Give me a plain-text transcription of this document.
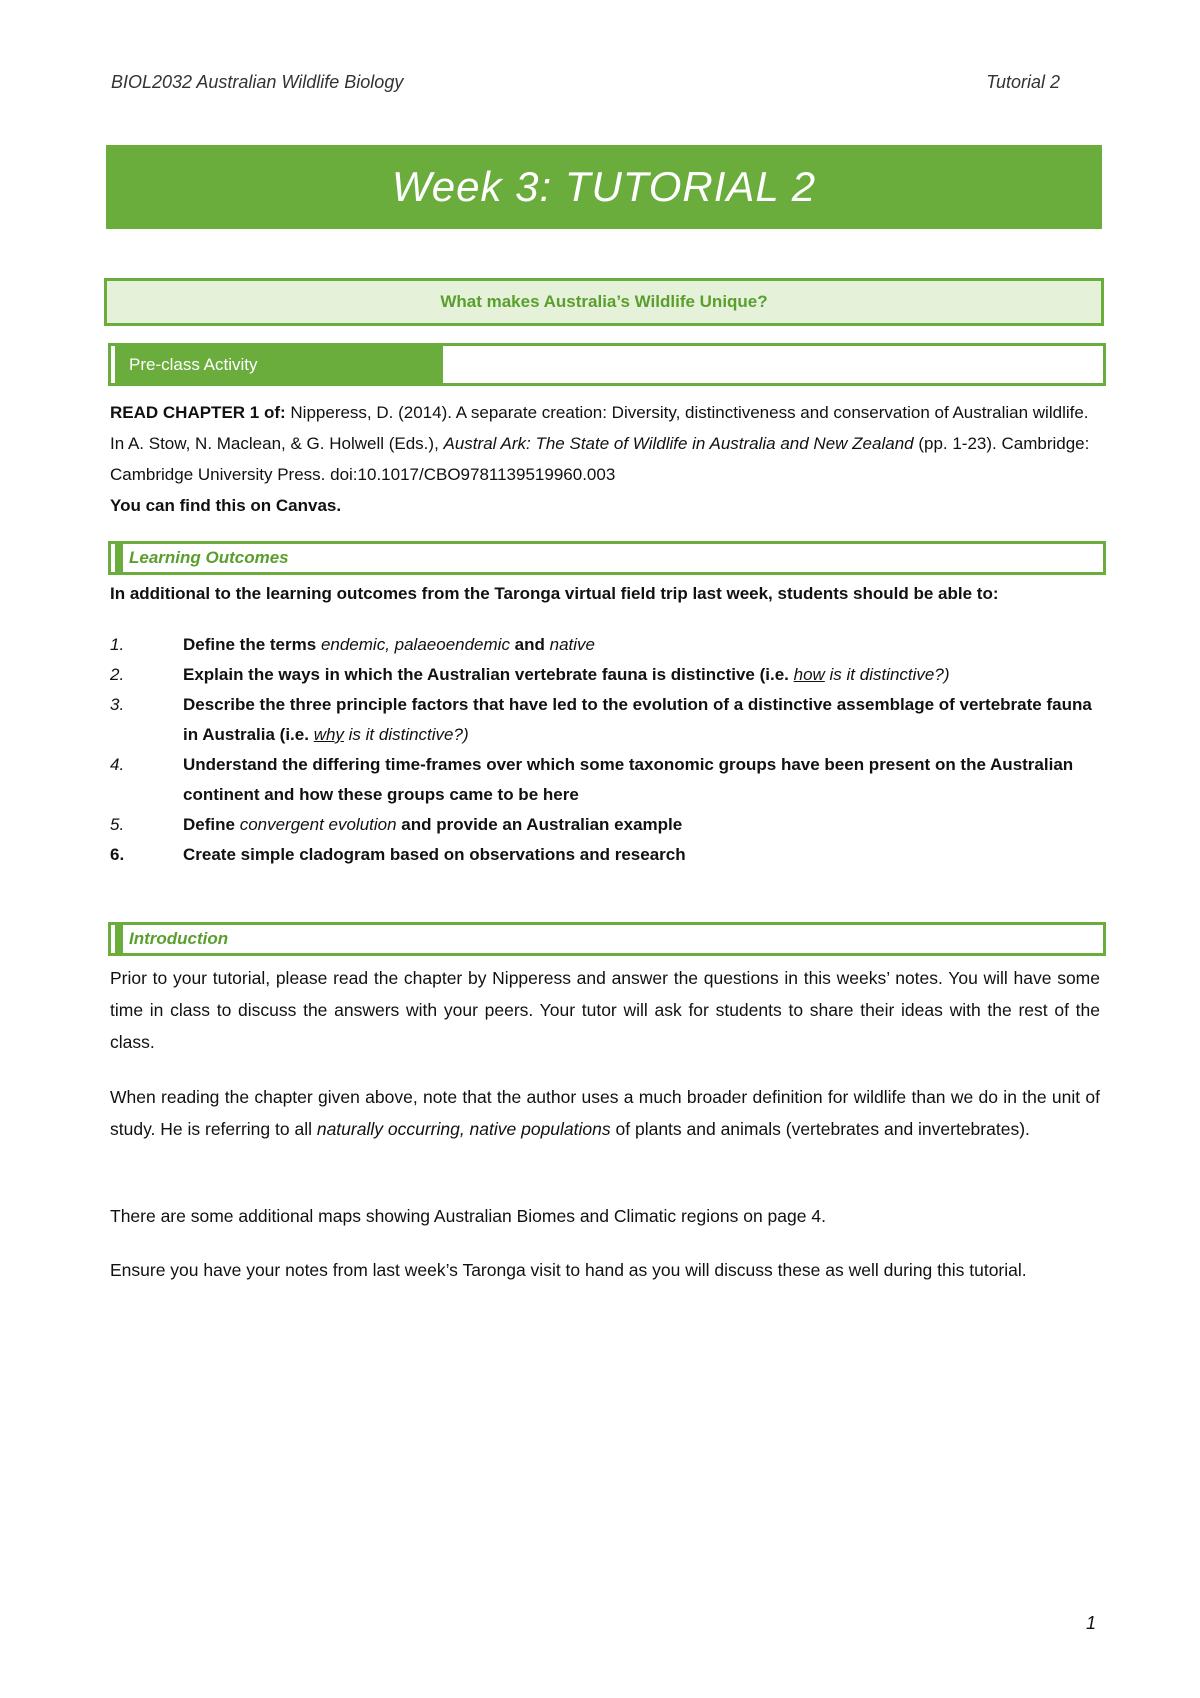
BIOL2032 Australian Wildlife Biology	Tutorial 2
Week 3: TUTORIAL 2
What makes Australia’s Wildlife Unique?
Pre-class Activity
READ CHAPTER 1 of: Nipperess, D. (2014). A separate creation: Diversity, distinctiveness and conservation of Australian wildlife. In A. Stow, N. Maclean, & G. Holwell (Eds.), Austral Ark: The State of Wildlife in Australia and New Zealand (pp. 1-23). Cambridge: Cambridge University Press. doi:10.1017/CBO9781139519960.003
You can find this on Canvas.
Learning Outcomes
In additional to the learning outcomes from the Taronga virtual field trip last week, students should be able to:
1.	Define the terms endemic, palaeoendemic and native
2.	Explain the ways in which the Australian vertebrate fauna is distinctive (i.e. how is it distinctive?)
3.	Describe the three principle factors that have led to the evolution of a distinctive assemblage of vertebrate fauna in Australia (i.e. why is it distinctive?)
4.	Understand the differing time-frames over which some taxonomic groups have been present on the Australian continent and how these groups came to be here
5.	Define convergent evolution and provide an Australian example
6.	Create simple cladogram based on observations and research
Introduction

Prior to your tutorial, please read the chapter by Nipperess and answer the questions in this weeks’ notes. You will have some time in class to discuss the answers with your peers. Your tutor will ask for students to share their ideas with the rest of the class.

When reading the chapter given above, note that the author uses a much broader definition for wildlife than we do in the unit of study. He is referring to all naturally occurring, native populations of plants and animals (vertebrates and invertebrates).

There are some additional maps showing Australian Biomes and Climatic regions on page 4.

Ensure you have your notes from last week’s Taronga visit to hand as you will discuss these as well during this tutorial.

1
